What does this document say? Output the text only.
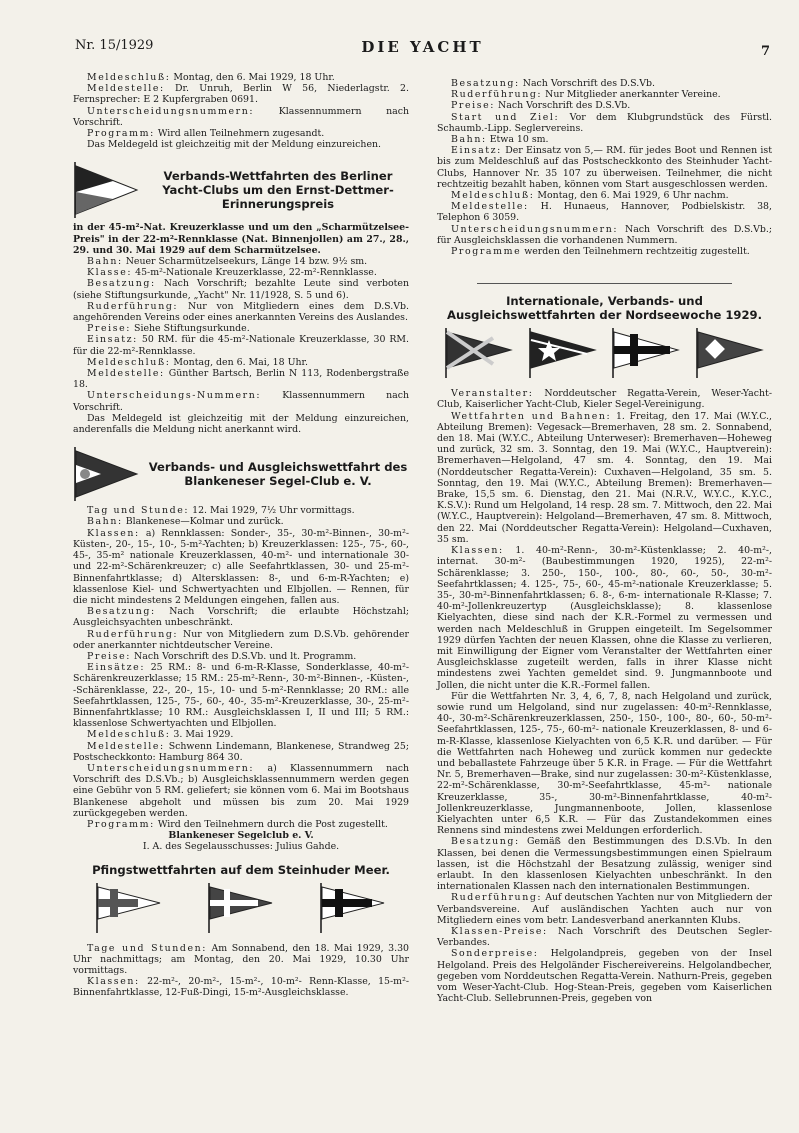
Nr. 15/1929	DIE YACHT	7

Meldeschluß: Montag, den 6. Mai 1929, 18 Uhr.

Meldestelle: Dr. Unruh, Berlin W 56, Niederlagstr. 2. Fernsprecher: E 2 Kupfergraben 0691.

Unterscheidungsnummern: Klassennummern nach Vorschrift.

Programm: Wird allen Teilnehmern zugesandt.

Das Meldegeld ist gleichzeitig mit der Meldung einzureichen.

Verbands-Wettfahrten des Berliner Yacht-Clubs um den Ernst-Dettmer-Erinnerungspreis

in der 45-m²-Nat. Kreuzerklasse und um den „Scharmützelsee-Preis" in der 22-m²-Rennklasse (Nat. Binnenjollen) am 27., 28., 29. und 30. Mai 1929 auf dem Scharmützelsee.

Bahn: Neuer Scharmützelseekurs, Länge 14 bzw. 9½ sm.

Klasse: 45-m²-Nationale Kreuzerklasse, 22-m²-Rennklasse.

Besatzung: Nach Vorschrift; bezahlte Leute sind verboten (siehe Stiftungsurkunde, „Yacht" Nr. 11/1928, S. 5 und 6).

Ruderführung: Nur von Mitgliedern eines dem D.S.Vb. angehörenden Vereins oder eines anerkannten Vereins des Auslandes.

Preise: Siehe Stiftungsurkunde.

Einsatz: 50 RM. für die 45-m²-Nationale Kreuzerklasse, 30 RM. für die 22-m²-Rennklasse.

Meldeschluß: Montag, den 6. Mai, 18 Uhr.

Meldestelle: Günther Bartsch, Berlin N 113, Rodenbergstraße 18.

Unterscheidungs-Nummern: Klassennummern nach Vorschrift.

Das Meldegeld ist gleichzeitig mit der Meldung einzureichen, anderenfalls die Meldung nicht anerkannt wird.

Verbands- und Ausgleichswettfahrt des Blankeneser Segel-Club e. V.

Tag und Stunde: 12. Mai 1929, 7½ Uhr vormittags.

Bahn: Blankenese—Kolmar und zurück.

Klassen: a) Rennklassen: Sonder-, 35-, 30-m²-Binnen-, 30-m²-Küsten-, 20-, 15-, 10-, 5-m²-Yachten; b) Kreuzerklassen: 125-, 75-, 60-, 45-, 35-m² nationale Kreuzerklassen, 40-m²- und internationale 30- und 22-m²-Schärenkreuzer; c) alle Seefahrtklassen, 30- und 25-m²-Binnenfahrtklasse; d) Altersklassen: 8-, und 6-m-R-Yachten; e) klassenlose Kiel- und Schwertyachten und Elbjollen. — Rennen, für die nicht mindestens 2 Meldungen eingehen, fallen aus.

Besatzung: Nach Vorschrift; die erlaubte Höchstzahl; Ausgleichsyachten unbeschränkt.

Ruderführung: Nur von Mitgliedern zum D.S.Vb. gehörender oder anerkannter nichtdeutscher Vereine.

Preise: Nach Vorschrift des D.S.Vb. und lt. Programm.

Einsätze: 25 RM.: 8- und 6-m-R-Klasse, Sonderklasse, 40-m²-Schärenkreuzerklasse; 15 RM.: 25-m²-Renn-, 30-m²-Binnen-, -Küsten-, -Schärenklasse, 22-, 20-, 15-, 10- und 5-m²-Rennklasse; 20 RM.: alle Seefahrtklassen, 125-, 75-, 60-, 40-, 35-m²-Kreuzerklasse, 30-, 25-m²-Binnenfahrtklasse; 10 RM.: Ausgleichsklassen I, II und III; 5 RM.: klassenlose Schwertyachten und Elbjollen.

Meldeschluß: 3. Mai 1929.

Meldestelle: Schwenn Lindemann, Blankenese, Strandweg 25; Postscheckkonto: Hamburg 864 30.

Unterscheidungsnummern: a) Klassennummern nach Vorschrift des D.S.Vb.; b) Ausgleichsklassennummern werden gegen eine Gebühr von 5 RM. geliefert; sie können vom 6. Mai im Bootshaus Blankenese abgeholt und müssen bis zum 20. Mai 1929 zurückgegeben werden.

Programm: Wird den Teilnehmern durch die Post zugestellt.

Blankeneser Segelclub e. V.

I. A. des Segelausschusses: Julius Gahde.

Pfingstwettfahrten auf dem Steinhuder Meer.

Tage und Stunden: Am Sonnabend, den 18. Mai 1929, 3.30 Uhr nachmittags; am Montag, den 20. Mai 1929, 10.30 Uhr vormittags.

Klassen: 22-m²-, 20-m²-, 15-m²-, 10-m²- Renn-Klasse, 15-m²-Binnenfahrtklasse, 12-Fuß-Dingi, 15-m²-Ausgleichsklasse.

Besatzung: Nach Vorschrift des D.S.Vb.

Ruderführung: Nur Mitglieder anerkannter Vereine.

Preise: Nach Vorschrift des D.S.Vb.

Start und Ziel: Vor dem Klubgrundstück des Fürstl. Schaumb.-Lipp. Seglervereins.

Bahn: Etwa 10 sm.

Einsatz: Der Einsatz von 5,— RM. für jedes Boot und Rennen ist bis zum Meldeschluß auf das Postscheckkonto des Steinhuder Yacht-Clubs, Hannover Nr. 35 107 zu überweisen. Teilnehmer, die nicht rechtzeitig bezahlt haben, können vom Start ausgeschlossen werden.

Meldeschluß: Montag, den 6. Mai 1929, 6 Uhr nachm.

Meldestelle: H. Hunaeus, Hannover, Podbielskistr. 38, Telephon 6 3059.

Unterscheidungsnummern: Nach Vorschrift des D.S.Vb.; für Ausgleichsklassen die vorhandenen Nummern.

Programme werden den Teilnehmern rechtzeitig zugestellt.

Internationale, Verbands- und Ausgleichswettfahrten der Nordseewoche 1929.

Veranstalter: Norddeutscher Regatta-Verein, Weser-Yacht-Club, Kaiserlicher Yacht-Club, Kieler Segel-Vereinigung.

Wettfahrten und Bahnen: 1. Freitag, den 17. Mai (W.Y.C., Abteilung Bremen): Vegesack—Bremerhaven, 28 sm. 2. Sonnabend, den 18. Mai (W.Y.C., Abteilung Unterweser): Bremerhaven—Hoheweg und zurück, 32 sm. 3. Sonntag, den 19. Mai (W.Y.C., Hauptverein): Bremerhaven—Helgoland, 47 sm. 4. Sonntag, den 19. Mai (Norddeutscher Regatta-Verein): Cuxhaven—Helgoland, 35 sm. 5. Sonntag, den 19. Mai (W.Y.C., Abteilung Bremen): Bremerhaven—Brake, 15,5 sm. 6. Dienstag, den 21. Mai (N.R.V., W.Y.C., K.Y.C., K.S.V.): Rund um Helgoland, 14 resp. 28 sm. 7. Mittwoch, den 22. Mai (W.Y.C., Hauptverein): Helgoland—Bremerhaven, 47 sm. 8. Mittwoch, den 22. Mai (Norddeutscher Regatta-Verein): Helgoland—Cuxhaven, 35 sm.

Klassen: 1. 40-m²-Renn-, 30-m²-Küstenklasse; 2. 40-m²-, internat. 30-m²- (Baubestimmungen 1920, 1925), 22-m²-Schärenklasse; 3. 250-, 150-, 100-, 80-, 60-, 50-, 30-m²-Seefahrtklassen; 4. 125-, 75-, 60-, 45-m²-nationale Kreuzerklasse; 5. 35-, 30-m²-Binnenfahrtklassen; 6. 8-, 6-m- internationale R-Klasse; 7. 40-m²-Jollenkreuzertyp (Ausgleichsklasse); 8. klassenlose Kielyachten, diese sind nach der K.R.-Formel zu vermessen und werden nach Meldeschluß in Gruppen eingeteilt. Im Segelsommer 1929 dürfen Yachten der neuen Klassen, ohne die Klasse zu verlieren, mit Einwilligung der Eigner vom Veranstalter der Wettfahrten einer Ausgleichsklasse zugeteilt werden, falls in ihrer Klasse nicht mindestens zwei Yachten gemeldet sind. 9. Jungmannboote und Jollen, die nicht unter die K.R.-Formel fallen.

Für die Wettfahrten Nr. 3, 4, 6, 7, 8, nach Helgoland und zurück, sowie rund um Helgoland, sind nur zugelassen: 40-m²-Rennklasse, 40-, 30-m²-Schärenkreuzerklassen, 250-, 150-, 100-, 80-, 60-, 50-m²-Seefahrtklassen, 125-, 75-, 60-m²- nationale Kreuzerklassen, 8- und 6-m-R-Klasse, klassenlose Kielyachten von 6,5 K.R. und darüber. — Für die Wettfahrten nach Hoheweg und zurück kommen nur gedeckte und beballastete Fahrzeuge über 5 K.R. in Frage. — Für die Wettfahrt Nr. 5, Bremerhaven—Brake, sind nur zugelassen: 30-m²-Küstenklasse, 22-m²-Schärenklasse, 30-m²-Seefahrtklasse, 45-m²- nationale Kreuzerklasse, 35-, 30-m²-Binnenfahrtklasse, 40-m²-Jollenkreuzerklasse, Jungmannenboote, Jollen, klassenlose Kielyachten unter 6,5 K.R. — Für das Zustandekommen eines Rennens sind mindestens zwei Meldungen erforderlich.

Besatzung: Gemäß den Bestimmungen des D.S.Vb. In den Klassen, bei denen die Vermessungsbestimmungen einen Spielraum lassen, ist die Höchstzahl der Besatzung zulässig, weniger sind erlaubt. In den klassenlosen Kielyachten unbeschränkt. In den internationalen Klassen nach den internationalen Bestimmungen.

Ruderführung: Auf deutschen Yachten nur von Mitgliedern der Verbandsvereine. Auf ausländischen Yachten auch nur von Mitgliedern eines vom betr. Landesverband anerkannten Klubs.

Klassen-Preise: Nach Vorschrift des Deutschen Segler-Verbandes.

Sonderpreise: Helgolandpreis, gegeben von der Insel Helgoland. Preis des Helgoländer Fischereivereins. Helgolandbecher, gegeben vom Norddeutschen Regatta-Verein. Nathurn-Preis, gegeben vom Weser-Yacht-Club. Hog-Stean-Preis, gegeben vom Kaiserlichen Yacht-Club. Sellebrunnen-Preis, gegeben von
